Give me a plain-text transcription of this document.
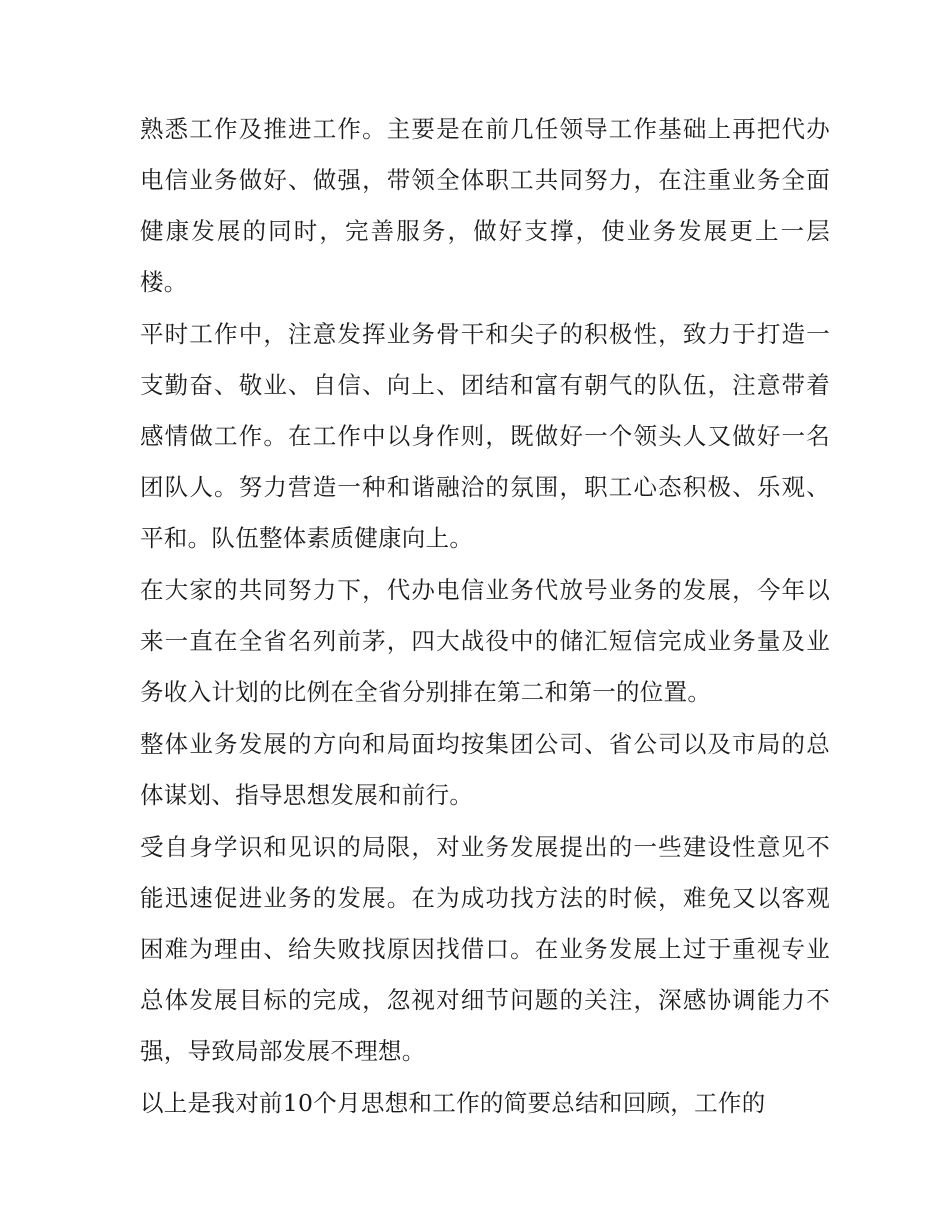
熟悉工作及推进工作。主要是在前几任领导工作基础上再把代办电信业务做好、做强，带领全体职工共同努力，在注重业务全面健康发展的同时，完善服务，做好支撑，使业务发展更上一层楼。

平时工作中，注意发挥业务骨干和尖子的积极性，致力于打造一支勤奋、敬业、自信、向上、团结和富有朝气的队伍，注意带着感情做工作。在工作中以身作则，既做好一个领头人又做好一名团队人。努力营造一种和谐融洽的氛围，职工心态积极、乐观、平和。队伍整体素质健康向上。

在大家的共同努力下，代办电信业务代放号业务的发展，今年以来一直在全省名列前茅，四大战役中的储汇短信完成业务量及业务收入计划的比例在全省分别排在第二和第一的位置。

整体业务发展的方向和局面均按集团公司、省公司以及市局的总体谋划、指导思想发展和前行。

受自身学识和见识的局限，对业务发展提出的一些建设性意见不能迅速促进业务的发展。在为成功找方法的时候，难免又以客观困难为理由、给失败找原因找借口。在业务发展上过于重视专业总体发展目标的完成，忽视对细节问题的关注，深感协调能力不强，导致局部发展不理想。

以上是我对前10个月思想和工作的简要总结和回顾，工作的
